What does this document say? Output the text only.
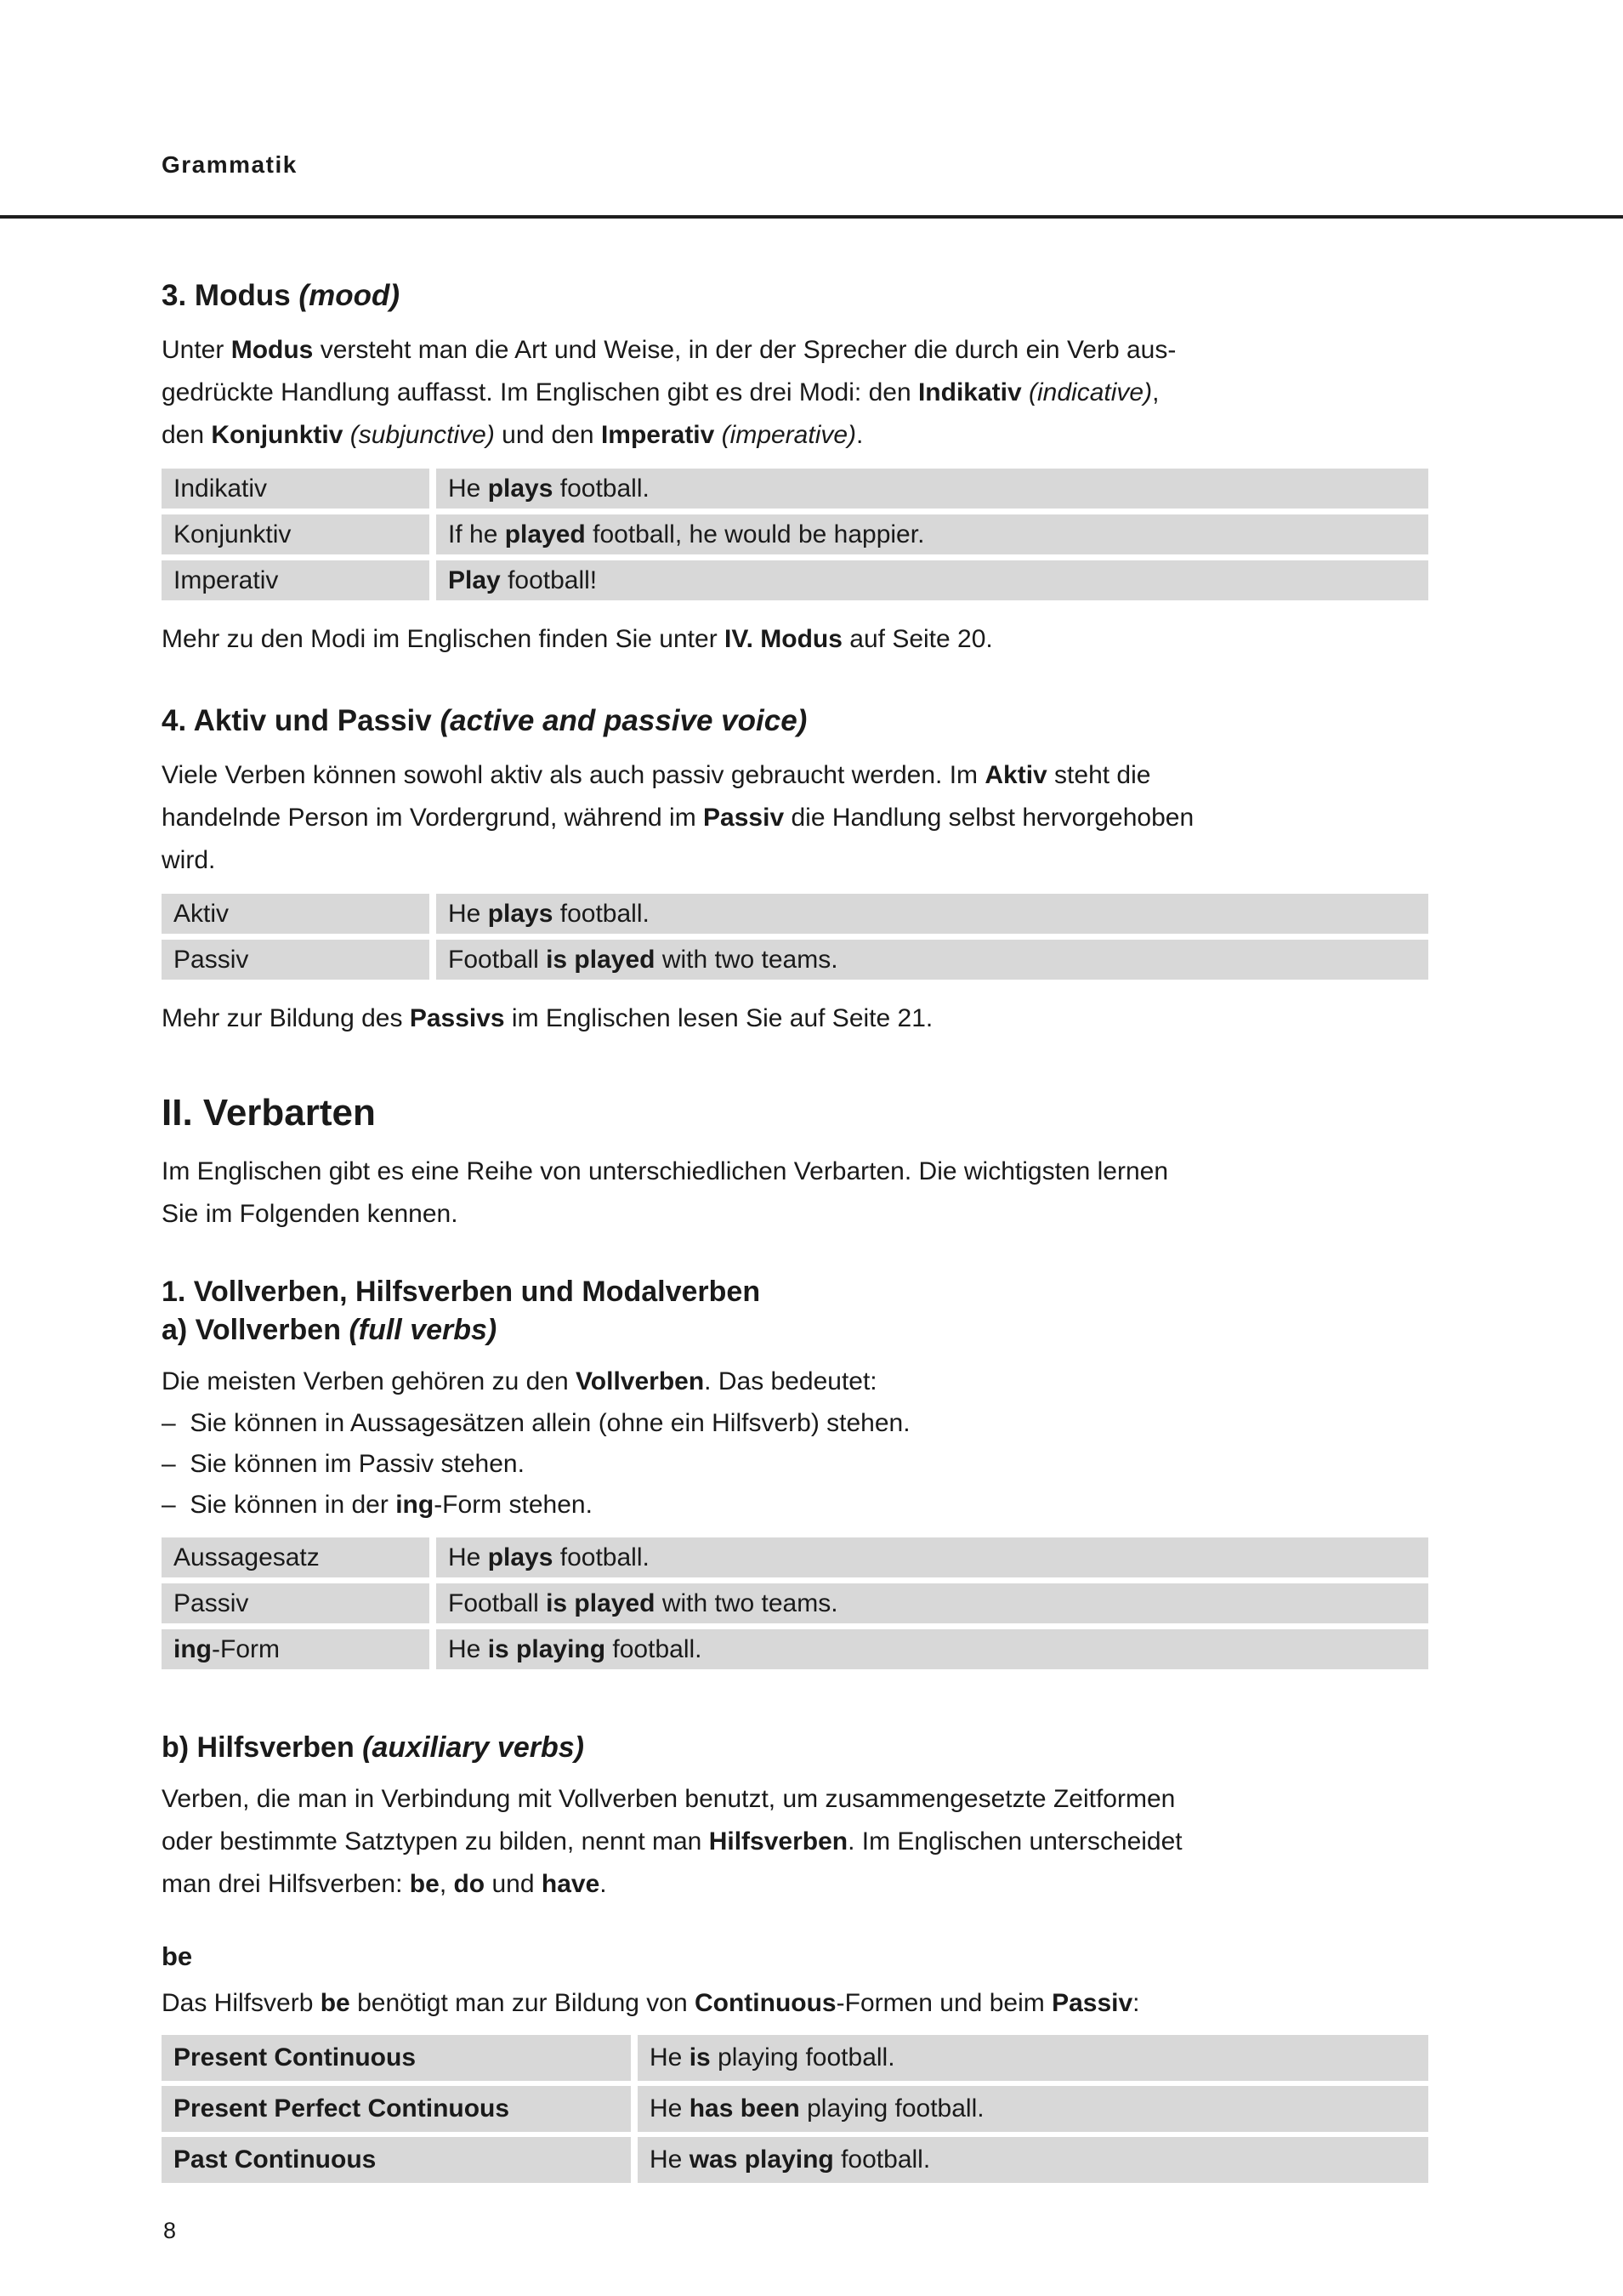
Grammatik
3. Modus (mood)

Unter Modus versteht man die Art und Weise, in der der Sprecher die durch ein Verb aus-
gedrückte Handlung auffasst. Im Englischen gibt es drei Modi: den Indikativ (indicative),
den Konjunktiv (subjunctive) und den Imperativ (imperative).

Indikativ	He plays football.
Konjunktiv	If he played football, he would be happier.
Imperativ	Play football!

Mehr zu den Modi im Englischen finden Sie unter IV. Modus auf Seite 20.

4. Aktiv und Passiv (active and passive voice)

Viele Verben können sowohl aktiv als auch passiv gebraucht werden. Im Aktiv steht die
handelnde Person im Vordergrund, während im Passiv die Handlung selbst hervorgehoben
wird.

Aktiv	He plays football.
Passiv	Football is played with two teams.

Mehr zur Bildung des Passivs im Englischen lesen Sie auf Seite 21.

II. Verbarten

Im Englischen gibt es eine Reihe von unterschiedlichen Verbarten. Die wichtigsten lernen
Sie im Folgenden kennen.

1. Vollverben, Hilfsverben und Modalverben
a) Vollverben (full verbs)

Die meisten Verben gehören zu den Vollverben. Das bedeutet:

–  Sie können in Aussagesätzen allein (ohne ein Hilfsverb) stehen.
–  Sie können im Passiv stehen.
–  Sie können in der ing-Form stehen.

Aussagesatz	He plays football.
Passiv	Football is played with two teams.
ing -Form	He is playing football.
b) Hilfsverben (auxiliary verbs)

Verben, die man in Verbindung mit Vollverben benutzt, um zusammengesetzte Zeitformen
oder bestimmte Satztypen zu bilden, nennt man Hilfsverben. Im Englischen unterscheidet
man drei Hilfsverben: be, do und have.

be

Das Hilfsverb be benötigt man zur Bildung von Continuous-Formen und beim Passiv:

Present Continuous	He is playing football.
Present Perfect Continuous	He has been playing football.
Past Continuous	He was playing football.
8
